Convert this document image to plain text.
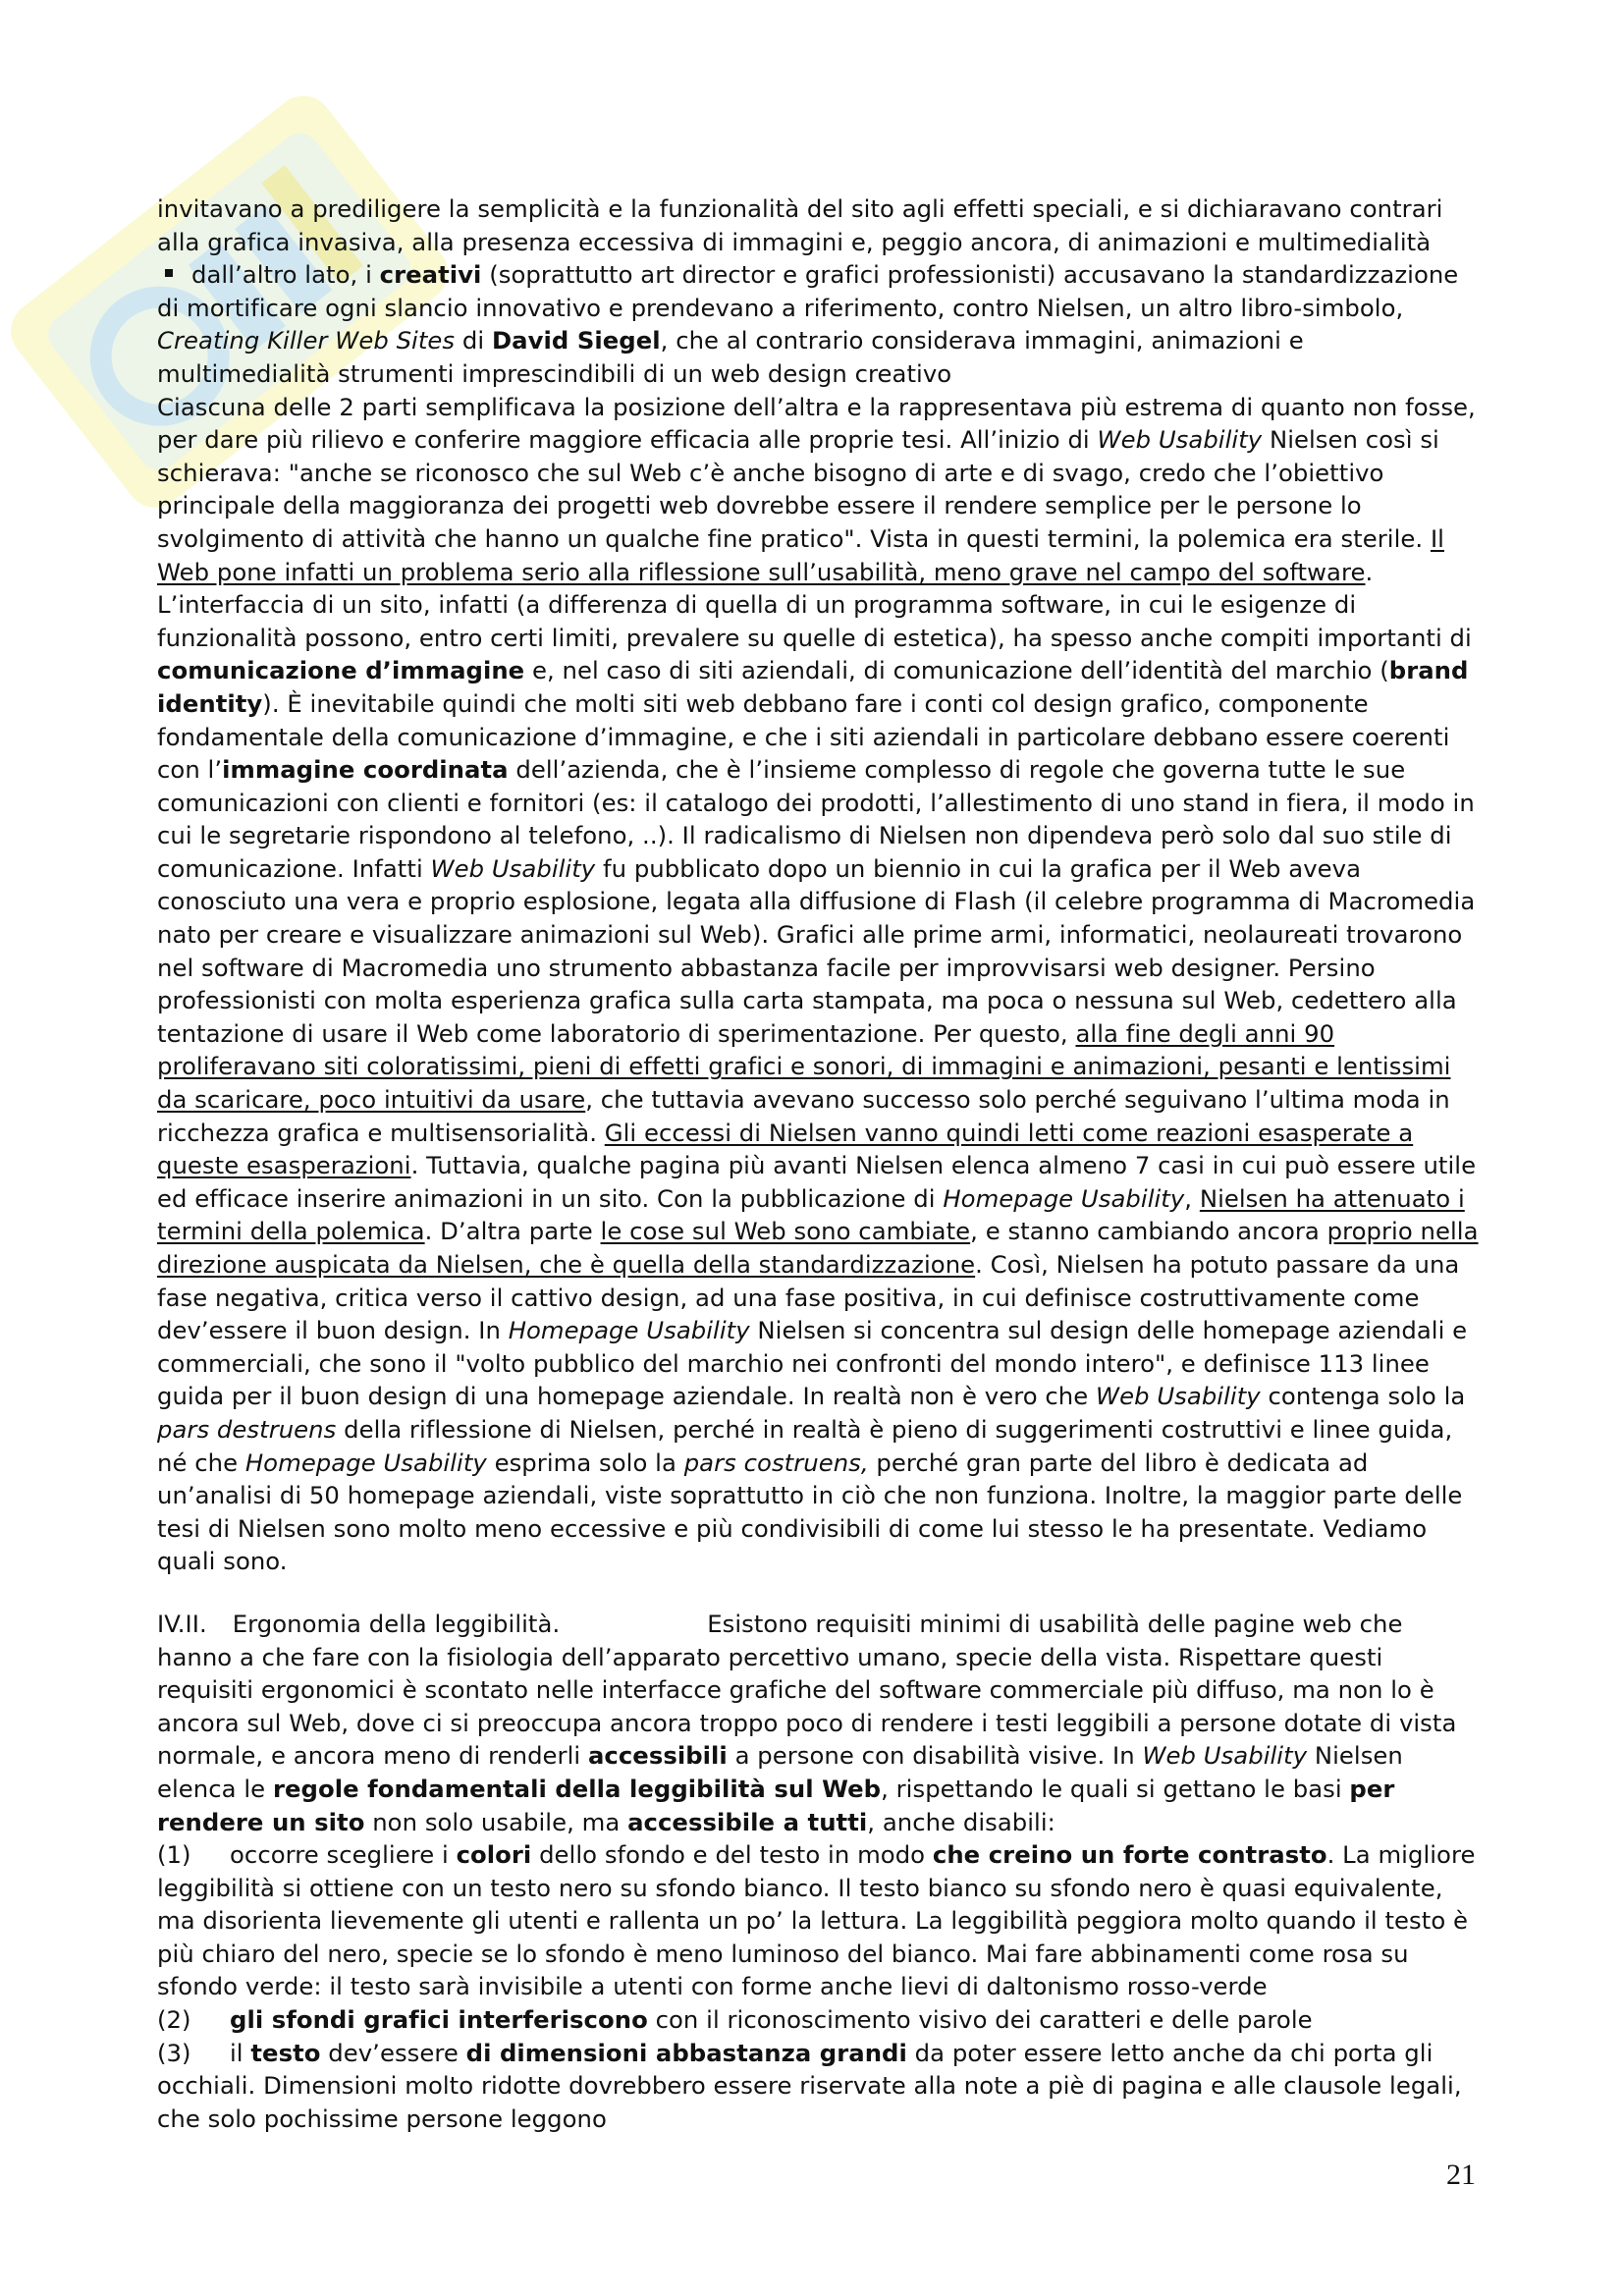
invitavano a prediligere la semplicità e la funzionalità del sito agli effetti speciali, e si dichiaravano contrari alla grafica invasiva, alla presenza eccessiva di immagini e, peggio ancora, di animazioni e multimedialità

dall’altro lato, i creativi (soprattutto art director e grafici professionisti) accusavano la standardizzazione di mortificare ogni slancio innovativo e prendevano a riferimento, contro Nielsen, un altro libro-simbolo, Creating Killer Web Sites di David Siegel, che al contrario considerava immagini, animazioni e multimedialità strumenti imprescindibili di un web design creativo

Ciascuna delle 2 parti semplificava la posizione dell’altra e la rappresentava più estrema di quanto non fosse, per dare più rilievo e conferire maggiore efficacia alle proprie tesi. All’inizio di Web Usability Nielsen così si schierava: "anche se riconosco che sul Web c’è anche bisogno di arte e di svago, credo che l’obiettivo principale della maggioranza dei progetti web dovrebbe essere il rendere semplice per le persone lo svolgimento di attività che hanno un qualche fine pratico". Vista in questi termini, la polemica era sterile. Il Web pone infatti un problema serio alla riflessione sull’usabilità, meno grave nel campo del software. L’interfaccia di un sito, infatti (a differenza di quella di un programma software, in cui le esigenze di funzionalità possono, entro certi limiti, prevalere su quelle di estetica), ha spesso anche compiti importanti di comunicazione d’immagine e, nel caso di siti aziendali, di comunicazione dell’identità del marchio (brand identity). È inevitabile quindi che molti siti web debbano fare i conti col design grafico, componente fondamentale della comunicazione d’immagine, e che i siti aziendali in particolare debbano essere coerenti con l’immagine coordinata dell’azienda, che è l’insieme complesso di regole che governa tutte le sue comunicazioni con clienti e fornitori (es: il catalogo dei prodotti, l’allestimento di uno stand in fiera, il modo in cui le segretarie rispondono al telefono, ..). Il radicalismo di Nielsen non dipendeva però solo dal suo stile di comunicazione. Infatti Web Usability fu pubblicato dopo un biennio in cui la grafica per il Web aveva conosciuto una vera e proprio esplosione, legata alla diffusione di Flash (il celebre programma di Macromedia nato per creare e visualizzare animazioni sul Web). Grafici alle prime armi, informatici, neolaureati trovarono nel software di Macromedia uno strumento abbastanza facile per improvvisarsi web designer. Persino professionisti con molta esperienza grafica sulla carta stampata, ma poca o nessuna sul Web, cedettero alla tentazione di usare il Web come laboratorio di sperimentazione. Per questo, alla fine degli anni 90 proliferavano siti coloratissimi, pieni di effetti grafici e sonori, di immagini e animazioni, pesanti e lentissimi da scaricare, poco intuitivi da usare, che tuttavia avevano successo solo perché seguivano l’ultima moda in ricchezza grafica e multisensorialità. Gli eccessi di Nielsen vanno quindi letti come reazioni esasperate a queste esasperazioni. Tuttavia, qualche pagina più avanti Nielsen elenca almeno 7 casi in cui può essere utile ed efficace inserire animazioni in un sito. Con la pubblicazione di Homepage Usability, Nielsen ha attenuato i termini della polemica. D’altra parte le cose sul Web sono cambiate, e stanno cambiando ancora proprio nella direzione auspicata da Nielsen, che è quella della standardizzazione. Così, Nielsen ha potuto passare da una fase negativa, critica verso il cattivo design, ad una fase positiva, in cui definisce costruttivamente come dev’essere il buon design. In Homepage Usability Nielsen si concentra sul design delle homepage aziendali e commerciali, che sono il "volto pubblico del marchio nei confronti del mondo intero", e definisce 113 linee guida per il buon design di una homepage aziendale. In realtà non è vero che Web Usability contenga solo la pars destruens della riflessione di Nielsen, perché in realtà è pieno di suggerimenti costruttivi e linee guida, né che Homepage Usability esprima solo la pars costruens, perché gran parte del libro è dedicata ad un’analisi di 50 homepage aziendali, viste soprattutto in ciò che non funziona. Inoltre, la maggior parte delle tesi di Nielsen sono molto meno eccessive e più condivisibili di come lui stesso le ha presentate. Vediamo quali sono.

IV.II. Ergonomia della leggibilità.	Esistono requisiti minimi di usabilità delle pagine web che hanno a che fare con la fisiologia dell’apparato percettivo umano, specie della vista. Rispettare questi requisiti ergonomici è scontato nelle interfacce grafiche del software commerciale più diffuso, ma non lo è ancora sul Web, dove ci si preoccupa ancora troppo poco di rendere i testi leggibili a persone dotate di vista normale, e ancora meno di renderli accessibili a persone con disabilità visive. In Web Usability Nielsen elenca le regole fondamentali della leggibilità sul Web, rispettando le quali si gettano le basi per rendere un sito non solo usabile, ma accessibile a tutti, anche disabili:

(1) occorre scegliere i colori dello sfondo e del testo in modo che creino un forte contrasto. La migliore leggibilità si ottiene con un testo nero su sfondo bianco. Il testo bianco su sfondo nero è quasi equivalente, ma disorienta lievemente gli utenti e rallenta un po’ la lettura. La leggibilità peggiora molto quando il testo è più chiaro del nero, specie se lo sfondo è meno luminoso del bianco. Mai fare abbinamenti come rosa su sfondo verde: il testo sarà invisibile a utenti con forme anche lievi di daltonismo rosso-verde

(2) gli sfondi grafici interferiscono con il riconoscimento visivo dei caratteri e delle parole

(3) il testo dev’essere di dimensioni abbastanza grandi da poter essere letto anche da chi porta gli occhiali. Dimensioni molto ridotte dovrebbero essere riservate alla note a piè di pagina e alle clausole legali, che solo pochissime persone leggono

21
